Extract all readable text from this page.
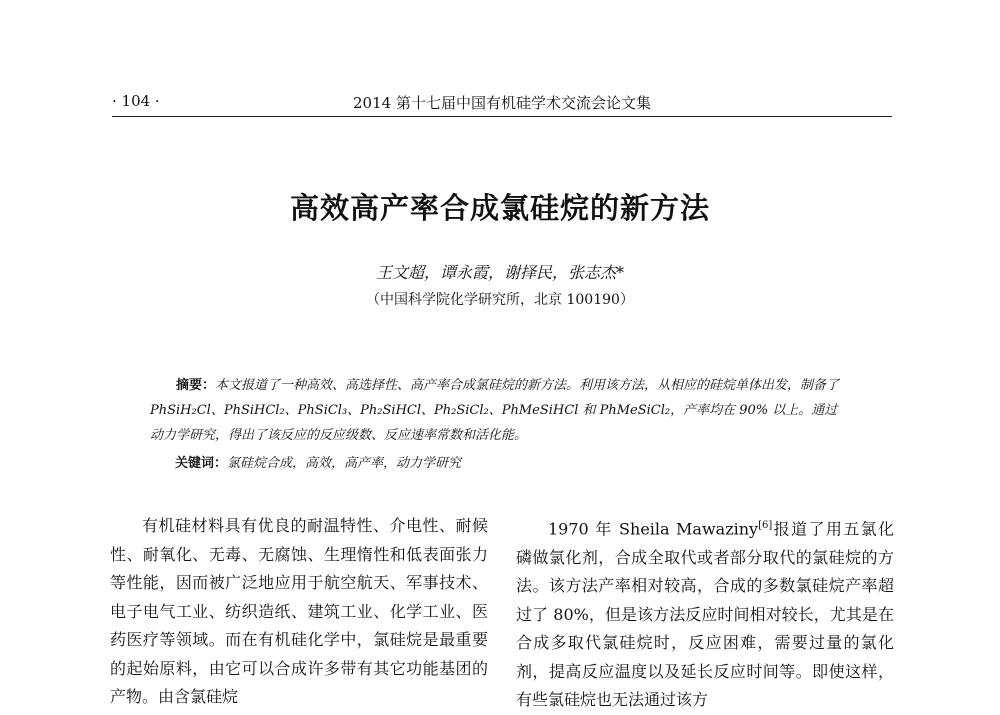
· 104 ·	2014 第十七届中国有机硅学术交流会论文集
高效高产率合成氯硅烷的新方法
王文超，谭永霞，谢择民，张志杰*
（中国科学院化学研究所，北京 100190）
摘要：本文报道了一种高效、高选择性、高产率合成氯硅烷的新方法。利用该方法，从相应的硅烷单体出发，制备了 PhSiH₂Cl、PhSiHCl₂、PhSiCl₃、Ph₂SiHCl、Ph₂SiCl₂、PhMeSiHCl 和 PhMeSiCl₂，产率均在 90% 以上。通过动力学研究，得出了该反应的反应级数、反应速率常数和活化能。
关键词：氯硅烷合成，高效，高产率，动力学研究

有机硅材料具有优良的耐温特性、介电性、耐候性、耐氧化、无毒、无腐蚀、生理惰性和低表面张力等性能，因而被广泛地应用于航空航天、军事技术、电子电气工业、纺织造纸、建筑工业、化学工业、医药医疗等领域。而在有机硅化学中，氯硅烷是最重要的起始原料，由它可以合成许多带有其它功能基团的产物。由含氯硅烷

1970 年 Sheila Mawaziny[6]报道了用五氯化磷做氯化剂，合成全取代或者部分取代的氯硅烷的方法。该方法产率相对较高，合成的多数氯硅烷产率超过了 80%，但是该方法反应时间相对较长，尤其是在合成多取代氯硅烷时，反应困难，需要过量的氯化剂，提高反应温度以及延长反应时间等。即使这样，有些氯硅烷也无法通过该方
